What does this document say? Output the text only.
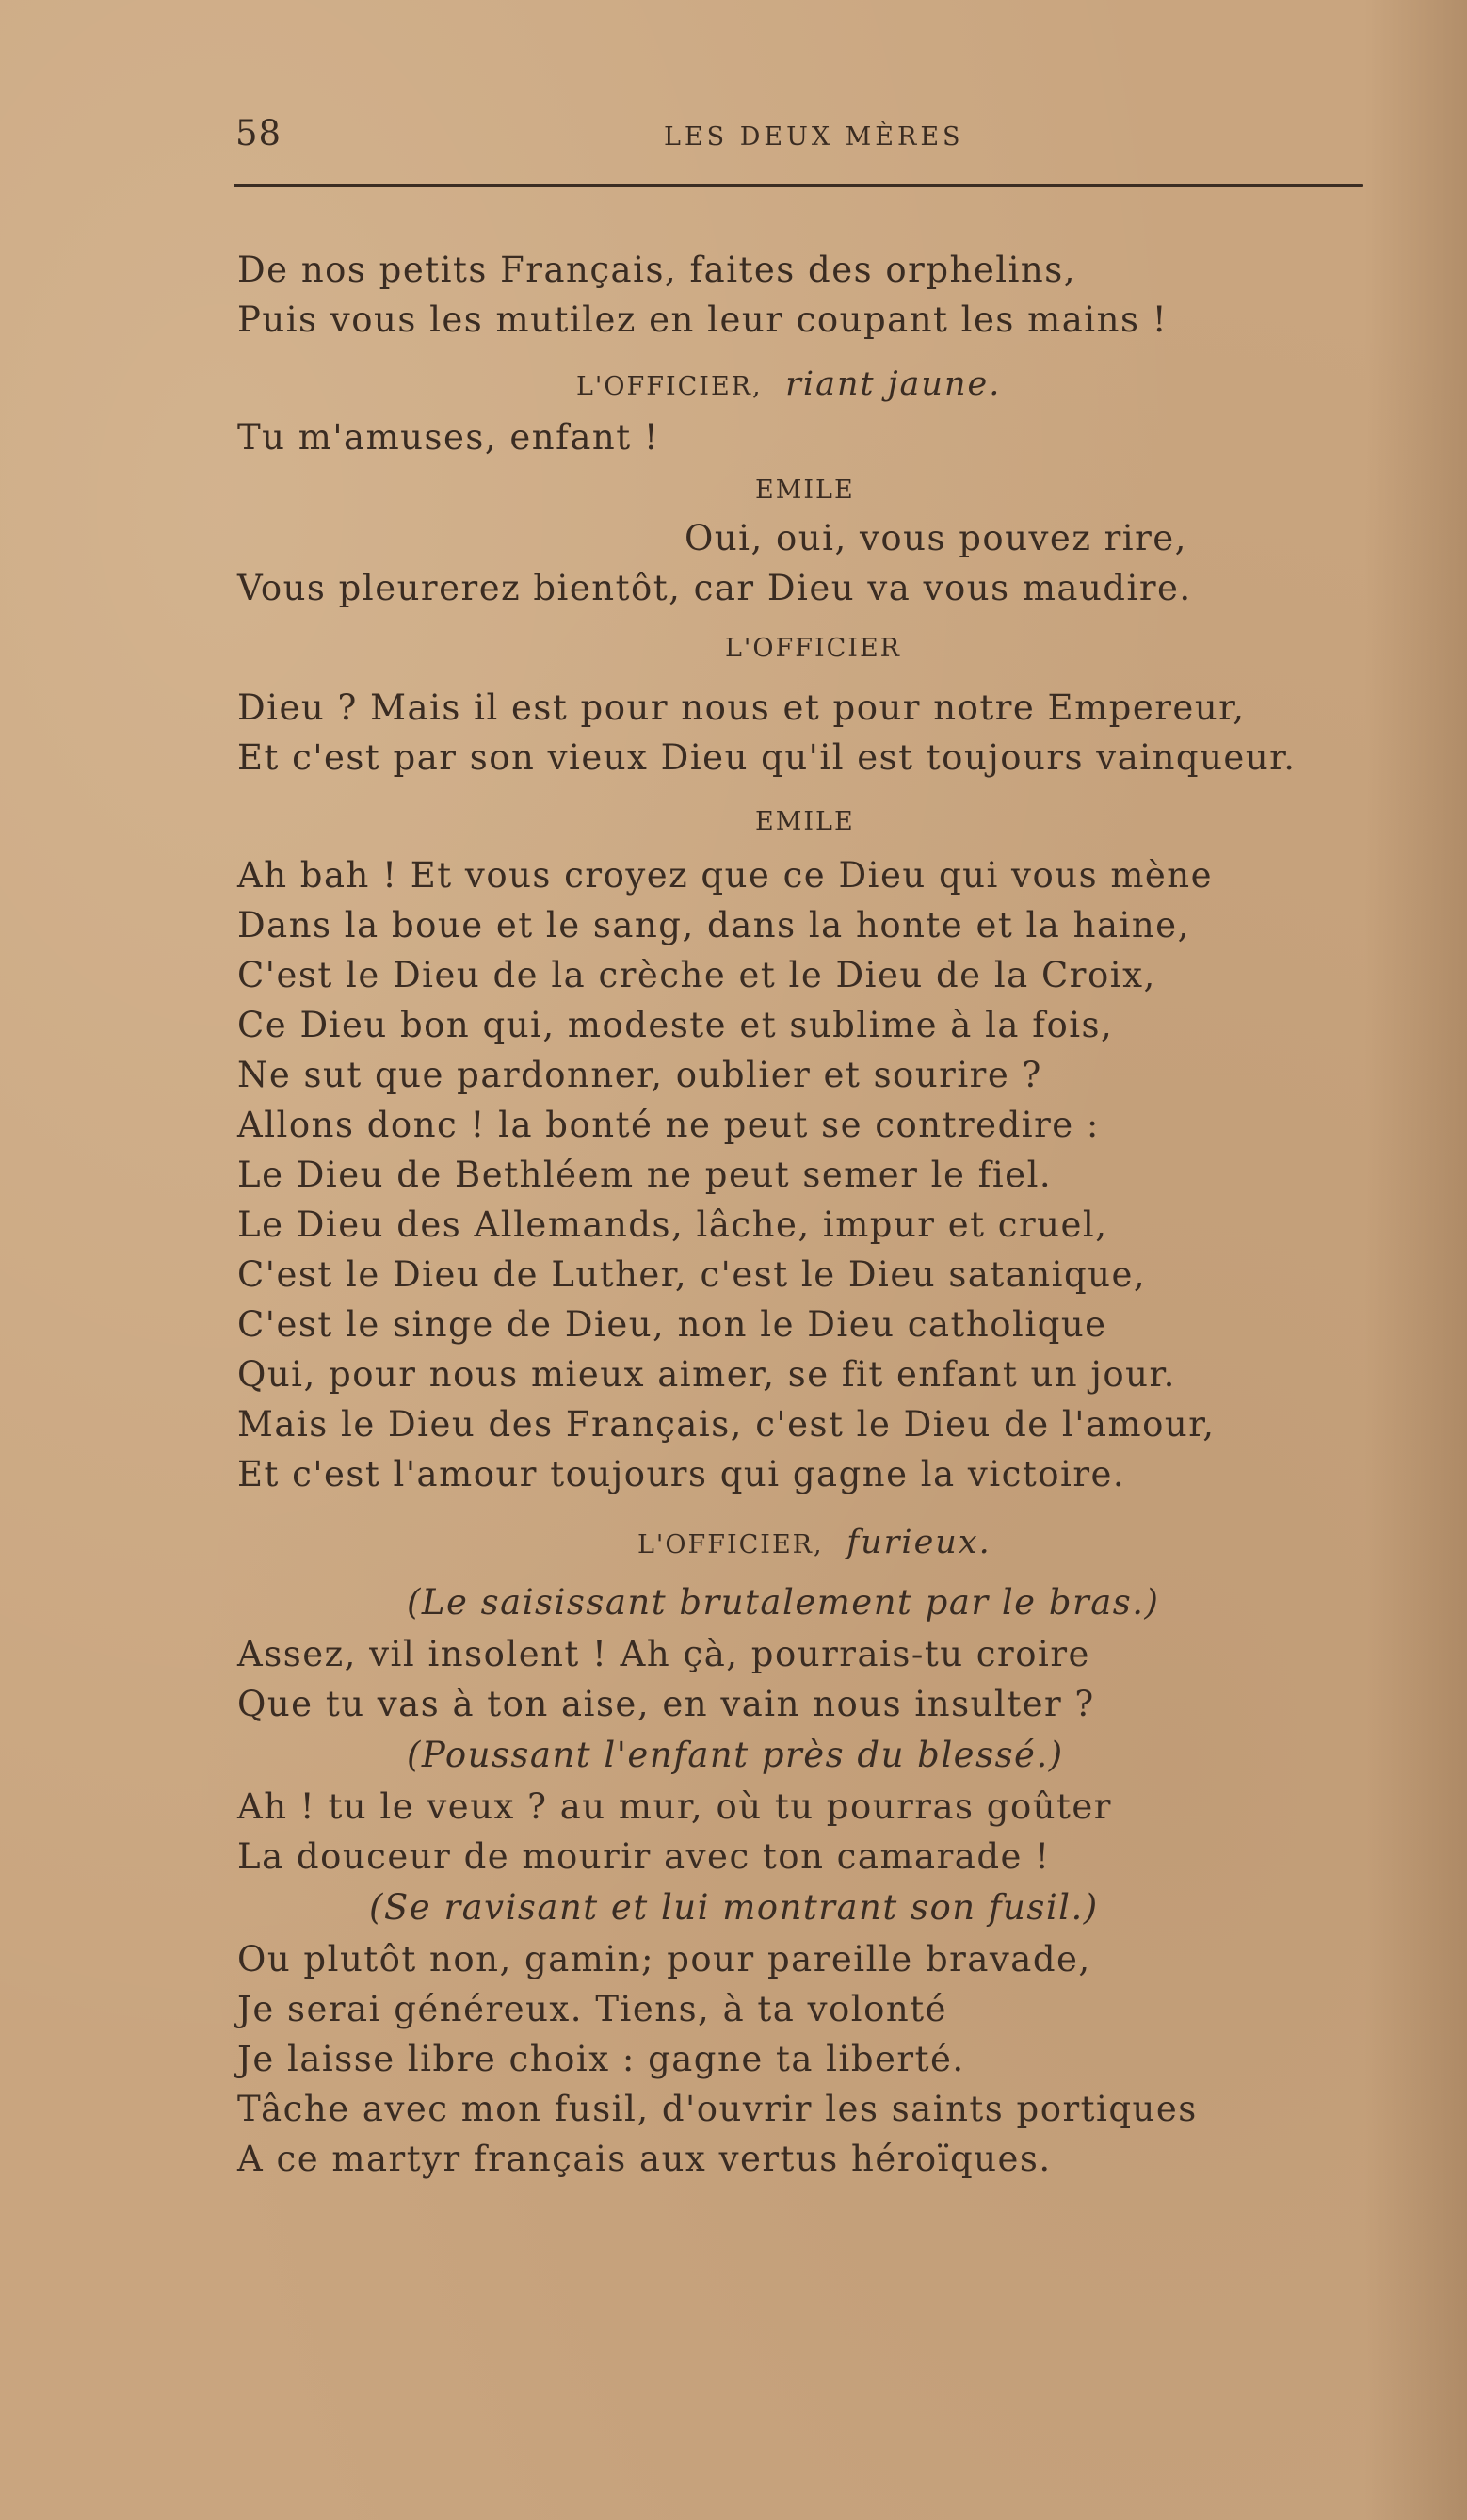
58	LES DEUX MÈRES
De nos petits Français, faites des orphelins,
Puis vous les mutilez en leur coupant les mains !
L'OFFICIER, riant jaune.
Tu m'amuses, enfant !
EMILE
Oui, oui, vous pouvez rire,
Vous pleurerez bientôt, car Dieu va vous maudire.
L'OFFICIER
Dieu ? Mais il est pour nous et pour notre Empereur,
Et c'est par son vieux Dieu qu'il est toujours vainqueur.
EMILE
Ah bah ! Et vous croyez que ce Dieu qui vous mène
Dans la boue et le sang, dans la honte et la haine,
C'est le Dieu de la crèche et le Dieu de la Croix,
Ce Dieu bon qui, modeste et sublime à la fois,
Ne sut que pardonner, oublier et sourire ?
Allons donc ! la bonté ne peut se contredire :
Le Dieu de Bethléem ne peut semer le fiel.
Le Dieu des Allemands, lâche, impur et cruel,
C'est le Dieu de Luther, c'est le Dieu satanique,
C'est le singe de Dieu, non le Dieu catholique
Qui, pour nous mieux aimer, se fit enfant un jour.
Mais le Dieu des Français, c'est le Dieu de l'amour,
Et c'est l'amour toujours qui gagne la victoire.
L'OFFICIER, furieux.
(Le saisissant brutalement par le bras.)
Assez, vil insolent ! Ah çà, pourrais-tu croire
Que tu vas à ton aise, en vain nous insulter ?
(Poussant l'enfant près du blessé.)
Ah ! tu le veux ? au mur, où tu pourras goûter
La douceur de mourir avec ton camarade !
(Se ravisant et lui montrant son fusil.)
Ou plutôt non, gamin; pour pareille bravade,
Je serai généreux. Tiens, à ta volonté
Je laisse libre choix : gagne ta liberté.
Tâche avec mon fusil, d'ouvrir les saints portiques
A ce martyr français aux vertus héroïques.
